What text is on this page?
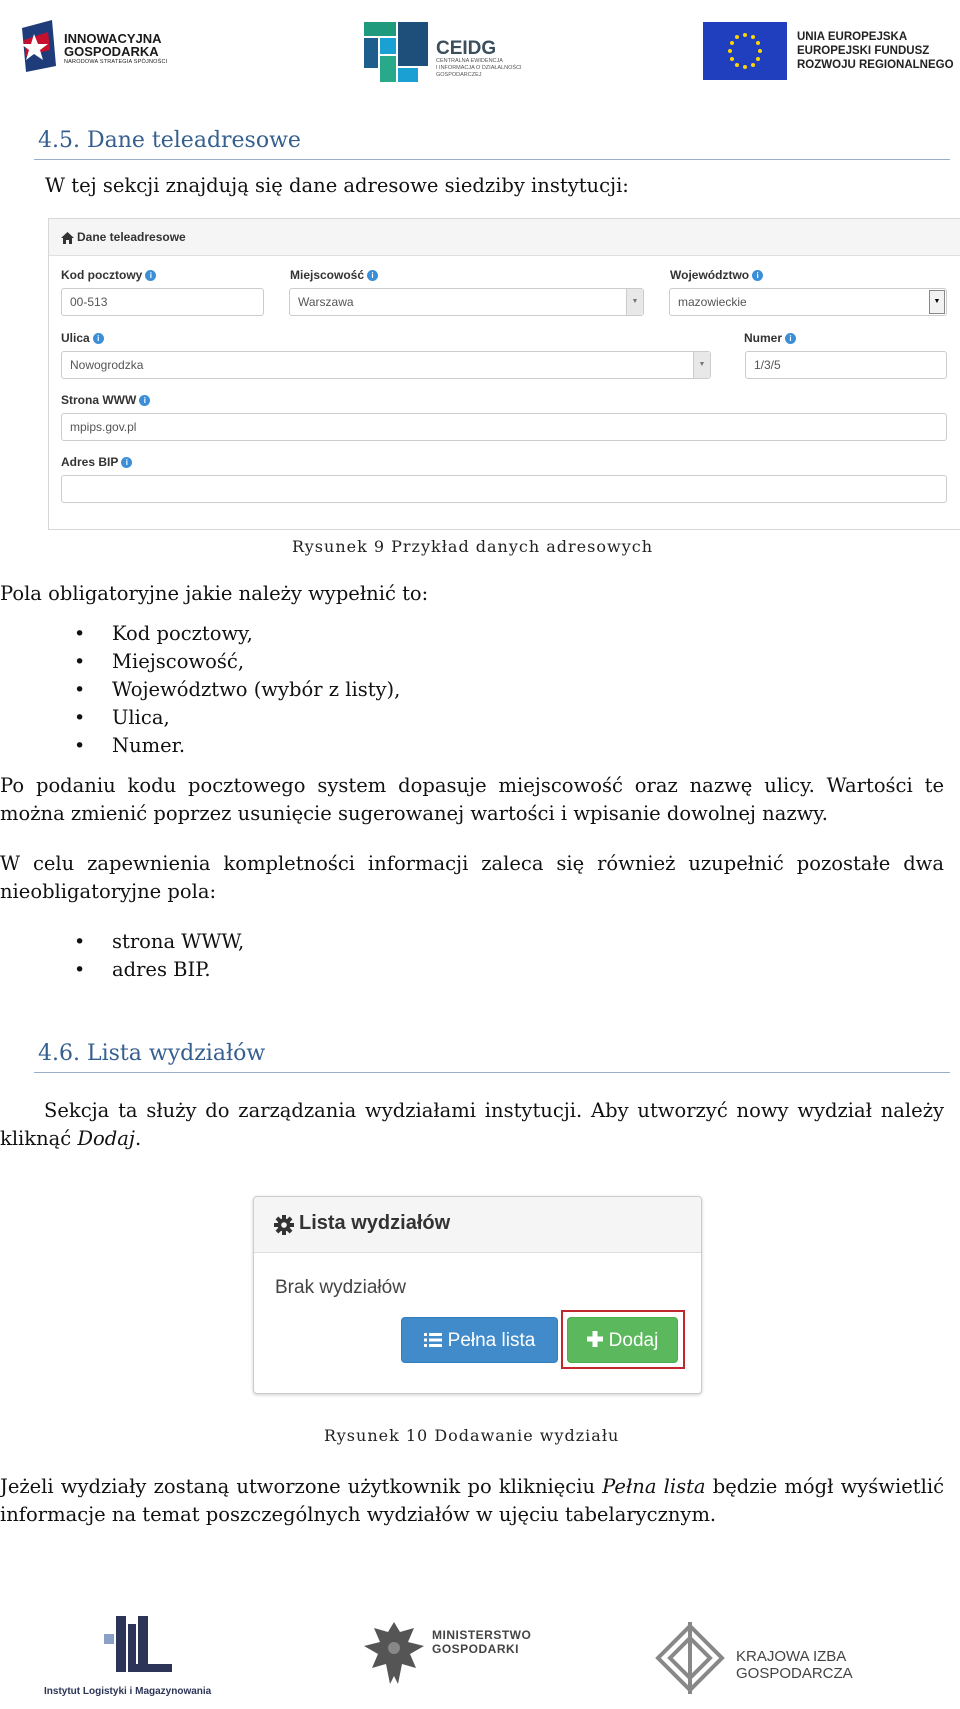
INNOWACYJNA
GOSPODARKA
NARODOWA STRATEGIA SPÓJNOŚCI
CEIDG
CENTRALNA EWIDENCJA
I INFORMACJA O DZIAŁALNOŚCI
GOSPODARCZEJ
UNIA EUROPEJSKA
EUROPEJSKI FUNDUSZ
ROZWOJU REGIONALNEGO
4.5. Dane teleadresowe
W tej sekcji znajdują się dane adresowe siedziby instytucji:
Dane teleadresowe
Kod pocztowy i	Miejscowość i	Województwo i
00-513	Warszawa	▼	mazowieckie	▼
Ulica i	Numer i
Nowogrodzka	▼	1/3/5
Strona WWW i
mpips.gov.pl
Adres BIP i
Rysunek 9 Przykład danych adresowych
Pola obligatoryjne jakie należy wypełnić to:
• Kod pocztowy,
• Miejscowość,
• Województwo (wybór z listy),
• Ulica,
• Numer.
Po podaniu kodu pocztowego system dopasuje miejscowość oraz nazwę ulicy. Wartości te
można zmienić poprzez usunięcie sugerowanej wartości i wpisanie dowolnej nazwy.
W celu zapewnienia kompletności informacji zaleca się również uzupełnić pozostałe dwa
nieobligatoryjne pola:
• strona WWW,
• adres BIP.
4.6. Lista wydziałów
Sekcja ta służy do zarządzania wydziałami instytucji. Aby utworzyć nowy wydział należy
kliknąć Dodaj.
Lista wydziałów
Brak wydziałów
Pełna lista	Dodaj
Rysunek 10 Dodawanie wydziału
Jeżeli wydziały zostaną utworzone użytkownik po kliknięciu Pełna lista będzie mógł wyświetlić
informacje na temat poszczególnych wydziałów w ujęciu tabelarycznym.
Instytut Logistyki i Magazynowania
MINISTERSTWO
GOSPODARKI	KRAJOWA IZBA GOSPODARCZA
